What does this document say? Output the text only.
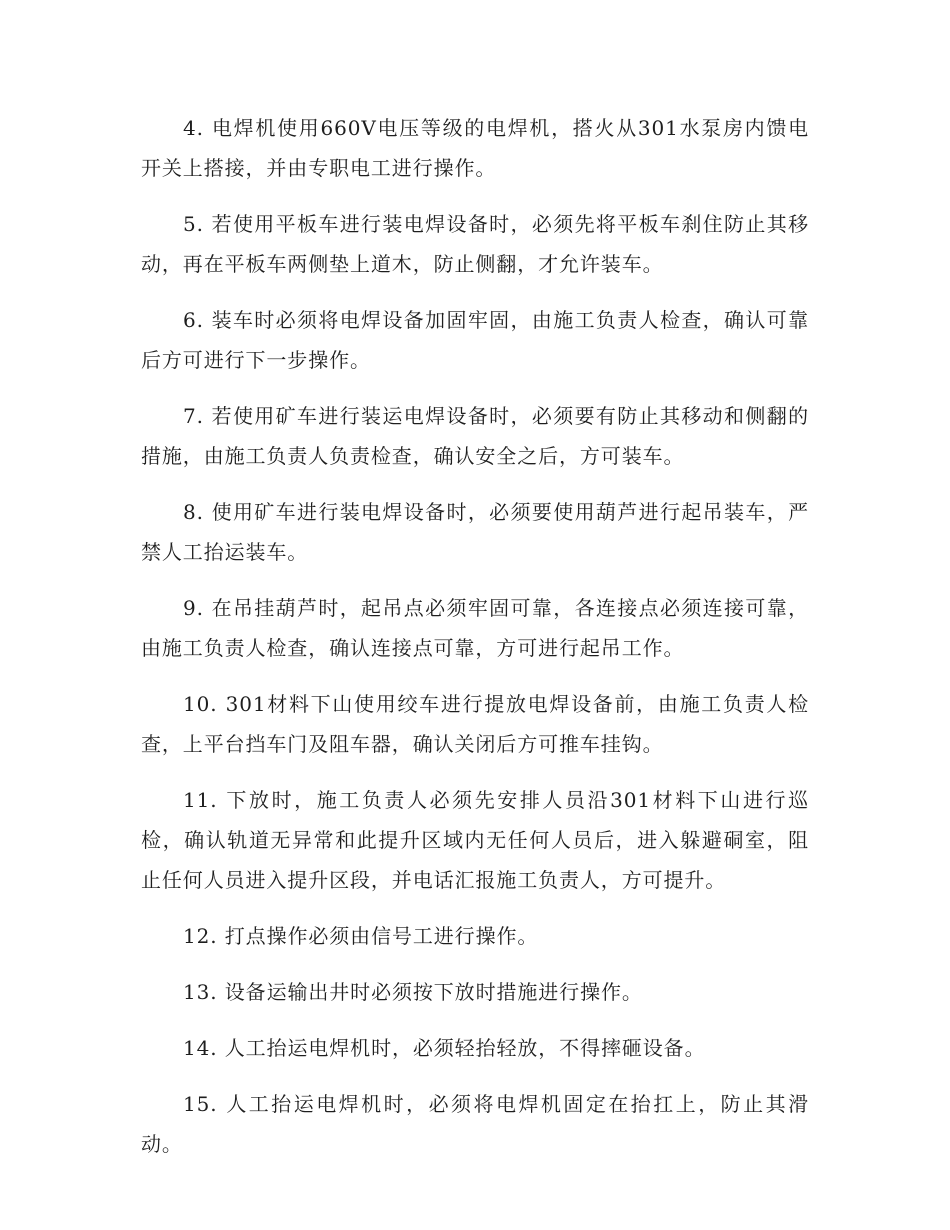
4. 电焊机使用660V电压等级的电焊机，搭火从301水泵房内馈电开关上搭接，并由专职电工进行操作。

5. 若使用平板车进行装电焊设备时，必须先将平板车刹住防止其移动，再在平板车两侧垫上道木，防止侧翻，才允许装车。

6. 装车时必须将电焊设备加固牢固，由施工负责人检查，确认可靠后方可进行下一步操作。

7. 若使用矿车进行装运电焊设备时，必须要有防止其移动和侧翻的措施，由施工负责人负责检查，确认安全之后，方可装车。

8. 使用矿车进行装电焊设备时，必须要使用葫芦进行起吊装车，严禁人工抬运装车。

9. 在吊挂葫芦时，起吊点必须牢固可靠，各连接点必须连接可靠，由施工负责人检查，确认连接点可靠，方可进行起吊工作。

10. 301材料下山使用绞车进行提放电焊设备前，由施工负责人检查，上平台挡车门及阻车器，确认关闭后方可推车挂钩。

11. 下放时，施工负责人必须先安排人员沿301材料下山进行巡检，确认轨道无异常和此提升区域内无任何人员后，进入躲避硐室，阻止任何人员进入提升区段，并电话汇报施工负责人，方可提升。

12. 打点操作必须由信号工进行操作。

13. 设备运输出井时必须按下放时措施进行操作。

14. 人工抬运电焊机时，必须轻抬轻放，不得摔砸设备。

15. 人工抬运电焊机时，必须将电焊机固定在抬扛上，防止其滑动。
